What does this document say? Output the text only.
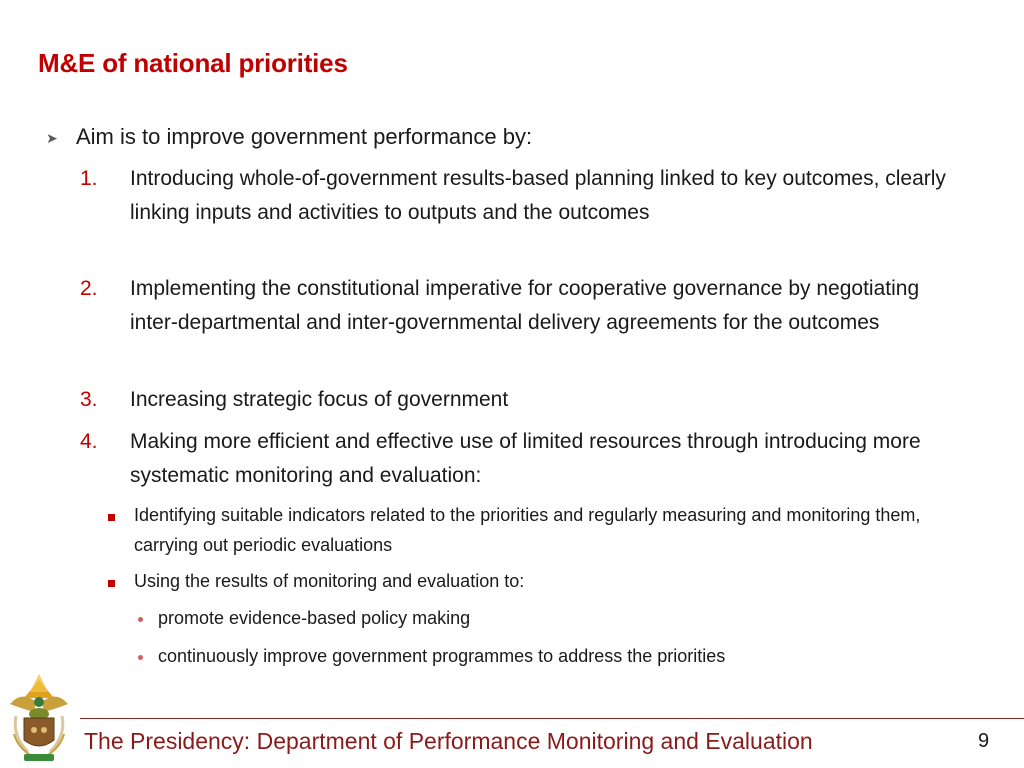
M&E of national priorities
➤ Aim is to improve government performance by:
1.	Introducing whole-of-government results-based planning linked to key outcomes, clearly linking inputs and activities to outputs and the outcomes
2.	Implementing the constitutional imperative for cooperative governance by negotiating inter-departmental and inter-governmental delivery agreements for the outcomes
3.	Increasing strategic focus of government
4.	Making more efficient and effective use of limited resources through introducing more systematic monitoring and evaluation:
Identifying suitable indicators related to the priorities and regularly measuring and monitoring them, carrying out periodic evaluations
Using the results of monitoring and evaluation to:
promote evidence-based policy making
continuously improve government programmes to address the priorities
The Presidency: Department of Performance Monitoring and Evaluation	9
